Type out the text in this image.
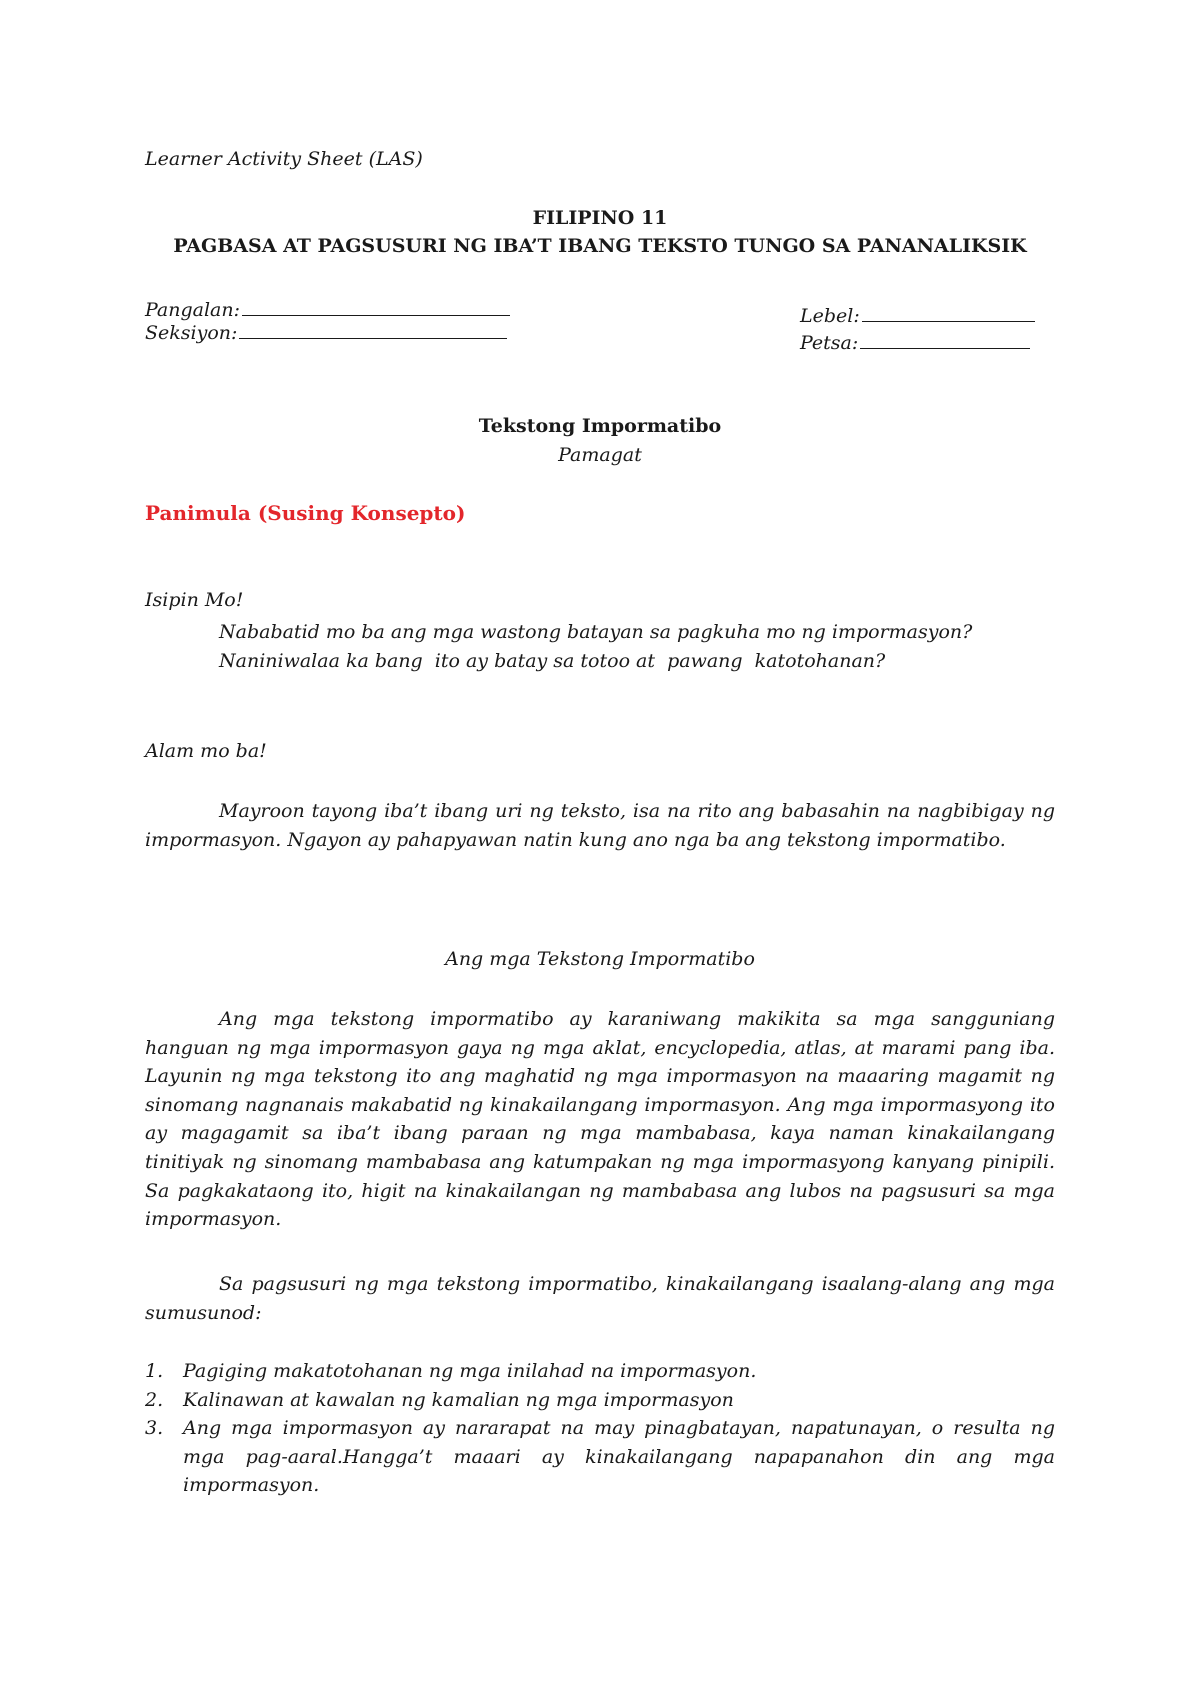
Learner Activity Sheet (LAS)
FILIPINO 11
PAGBASA AT PAGSUSURI NG IBA’T IBANG TEKSTO TUNGO SA PANANALIKSIK
Pangalan:
Seksiyon:
Lebel:
Petsa:
Tekstong Impormatibo
Pamagat
Panimula (Susing Konsepto)
Isipin Mo!
Nababatid mo ba ang mga wastong batayan sa pagkuha mo ng impormasyon?
Naniniwalaa ka bang  ito ay batay sa totoo at  pawang  katotohanan?
Alam mo ba!
Mayroon tayong iba’t ibang uri ng teksto, isa na rito ang babasahin na nagbibigay ng impormasyon. Ngayon ay pahapyawan natin kung ano nga ba ang tekstong impormatibo.
Ang mga Tekstong Impormatibo
Ang mga tekstong impormatibo ay karaniwang makikita sa mga sangguniang hanguan ng mga impormasyon gaya ng mga aklat, encyclopedia, atlas, at marami pang iba. Layunin ng mga tekstong ito ang maghatid ng mga impormasyon na maaaring magamit ng sinomang nagnanais makabatid ng kinakailangang impormasyon. Ang mga impormasyong ito ay magagamit sa iba’t ibang paraan ng mga mambabasa, kaya naman kinakailangang tinitiyak ng sinomang mambabasa ang katumpakan ng mga impormasyong kanyang pinipili. Sa pagkakataong ito, higit na kinakailangan ng mambabasa ang lubos na pagsusuri sa mga impormasyon.
Sa pagsusuri ng mga tekstong impormatibo, kinakailangang isaalang-alang ang mga sumusunod:
1. Pagiging makatotohanan ng mga inilahad na impormasyon.
2. Kalinawan at kawalan ng kamalian ng mga impormasyon
3. Ang mga impormasyon ay nararapat na may pinagbatayan, napatunayan, o resulta ng mga pag-aaral.Hangga’t maaari ay kinakailangang napapanahon din ang mga impormasyon.
